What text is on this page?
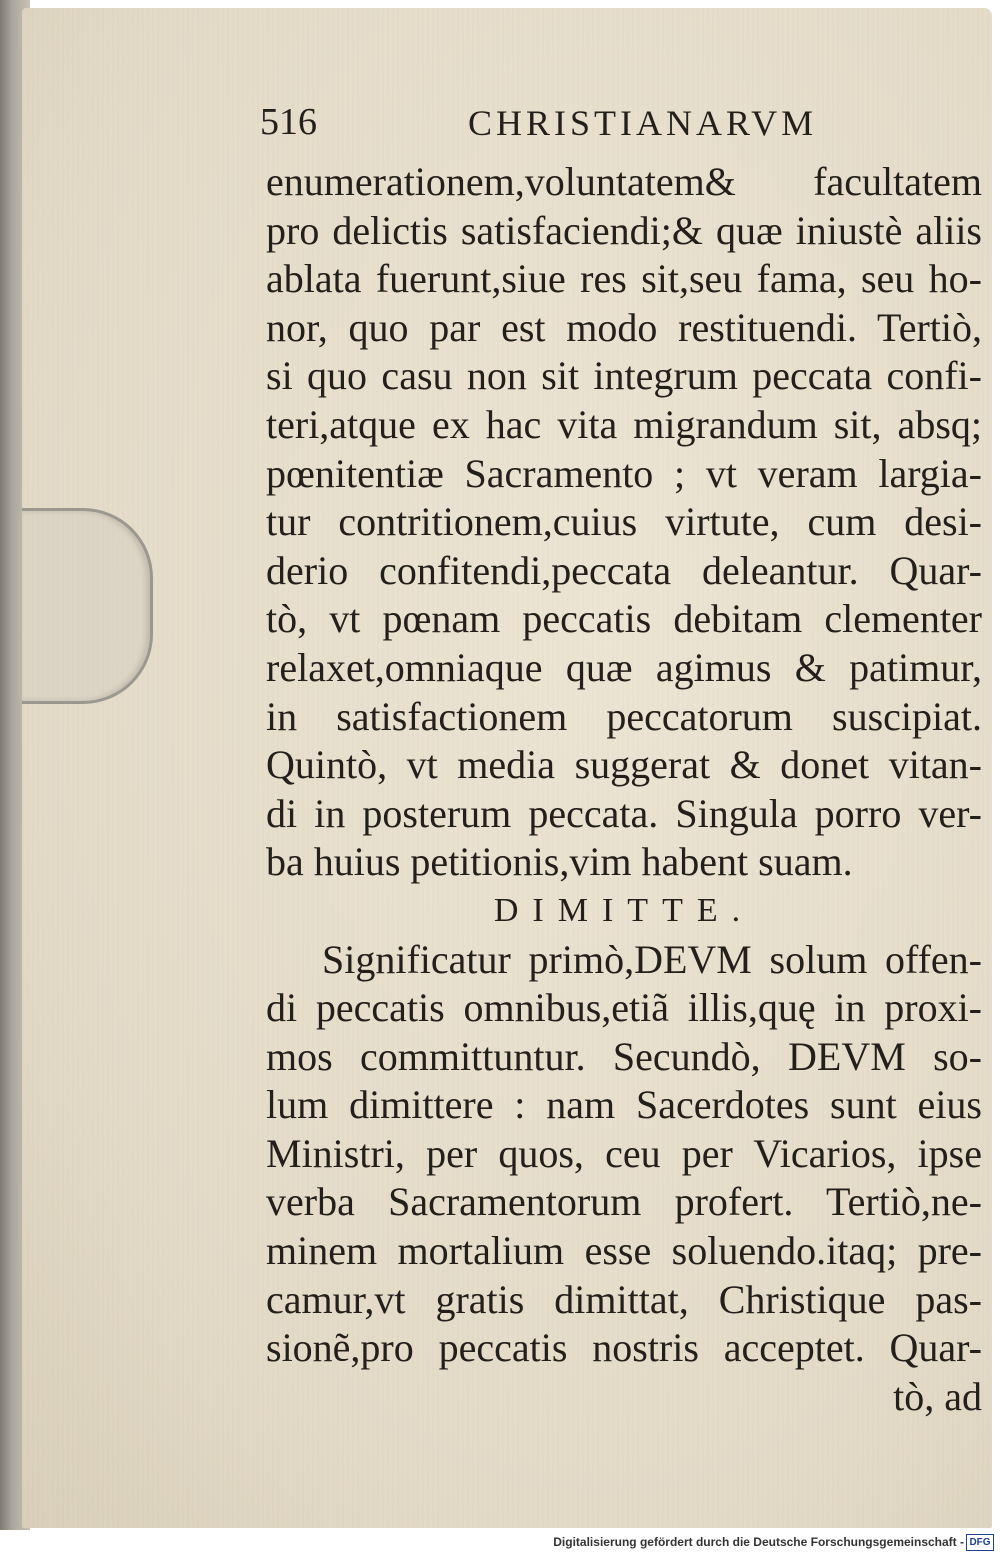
516	CHRISTIANARVM
enumerationem,voluntatem& facultatem
pro delictis satisfaciendi;& quæ iniustè aliis
ablata fuerunt,siue res sit,seu fama, seu ho-
nor, quo par est modo restituendi. Tertiò,
si quo casu non sit integrum peccata confi-
teri,atque ex hac vita migrandum sit, absq;
pœnitentiæ Sacramento ; vt veram largia-
tur contritionem,cuius virtute, cum desi-
derio confitendi,peccata deleantur. Quar-
tò, vt pœnam peccatis debitam clementer
relaxet,omniaque quæ agimus & patimur,
in satisfactionem peccatorum suscipiat.
Quintò, vt media suggerat & donet vitan-
di in posterum peccata. Singula porro ver-
ba huius petitionis,vim habent suam.
DIMITTE.
Significatur primò,DEVM solum offen-
di peccatis omnibus,etiã illis,quę in proxi-
mos committuntur. Secundò, DEVM so-
lum dimittere : nam Sacerdotes sunt eius
Ministri, per quos, ceu per Vicarios, ipse
verba Sacramentorum profert. Tertiò,ne-
minem mortalium esse soluendo.itaq; pre-
camur,vt gratis dimittat, Christique pas-
sionẽ,pro peccatis nostris acceptet. Quar-
tò, ad
Digitalisierung gefördert durch die Deutsche Forschungsgemeinschaft - DFG
